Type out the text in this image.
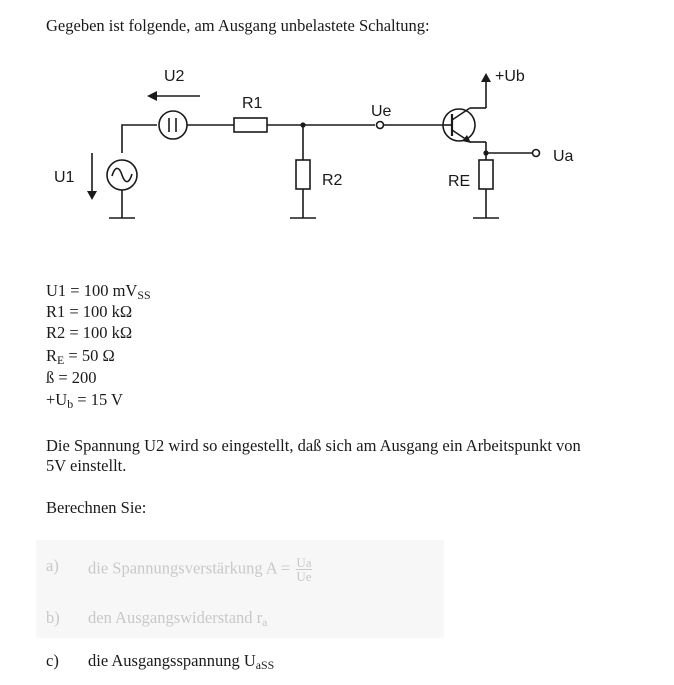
Gegeben ist folgende, am Ausgang unbelastete Schaltung:
U2
R1
R2
Ue
+Ub
Ua
RE
U1
U1 = 100 $mV_{SS}$
R1 = 100 kΩ
R2 = 100 kΩ
$R_E = 50$ Ω
ß = 200
$+U_b = 15$ V
Die Spannung U2 wird so eingestellt, daß sich am Ausgang ein Arbeitspunkt von
5V einstellt.
Berechnen Sie:
a) die Spannungsverstärkung $A = \frac{Ua}{Ue}$
b) den Ausgangswiderstand $r_a$
c) die Ausgangsspannung $U_{aSS}$
